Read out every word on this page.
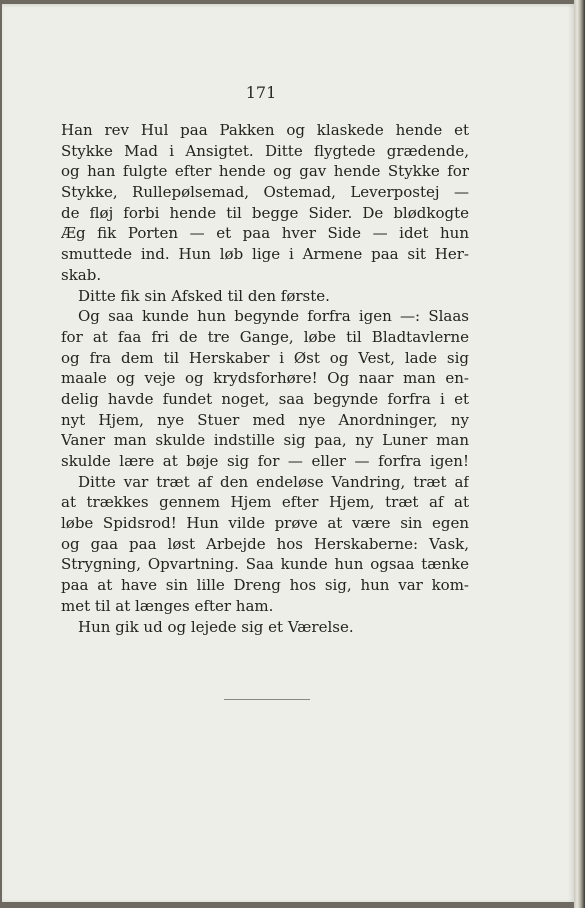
171
Han rev Hul paa Pakken og klaskede hende et
Stykke Mad i Ansigtet. Ditte flygtede grædende,
og han fulgte efter hende og gav hende Stykke for
Stykke, Rullepølsemad, Ostemad, Leverpostej —
de fløj forbi hende til begge Sider. De blødkogte
Æg fik Porten — et paa hver Side — idet hun
smuttede ind. Hun løb lige i Armene paa sit Her-
skab.
Ditte fik sin Afsked til den første.
Og saa kunde hun begynde forfra igen —: Slaas
for at faa fri de tre Gange, løbe til Bladtavlerne
og fra dem til Herskaber i Øst og Vest, lade sig
maale og veje og krydsforhøre! Og naar man en-
delig havde fundet noget, saa begynde forfra i et
nyt Hjem, nye Stuer med nye Anordninger, ny
Vaner man skulde indstille sig paa, ny Luner man
skulde lære at bøje sig for — eller — forfra igen!
Ditte var træt af den endeløse Vandring, træt af
at trækkes gennem Hjem efter Hjem, træt af at
løbe Spidsrod! Hun vilde prøve at være sin egen
og gaa paa løst Arbejde hos Herskaberne: Vask,
Strygning, Opvartning. Saa kunde hun ogsaa tænke
paa at have sin lille Dreng hos sig, hun var kom-
met til at længes efter ham.
Hun gik ud og lejede sig et Værelse.
